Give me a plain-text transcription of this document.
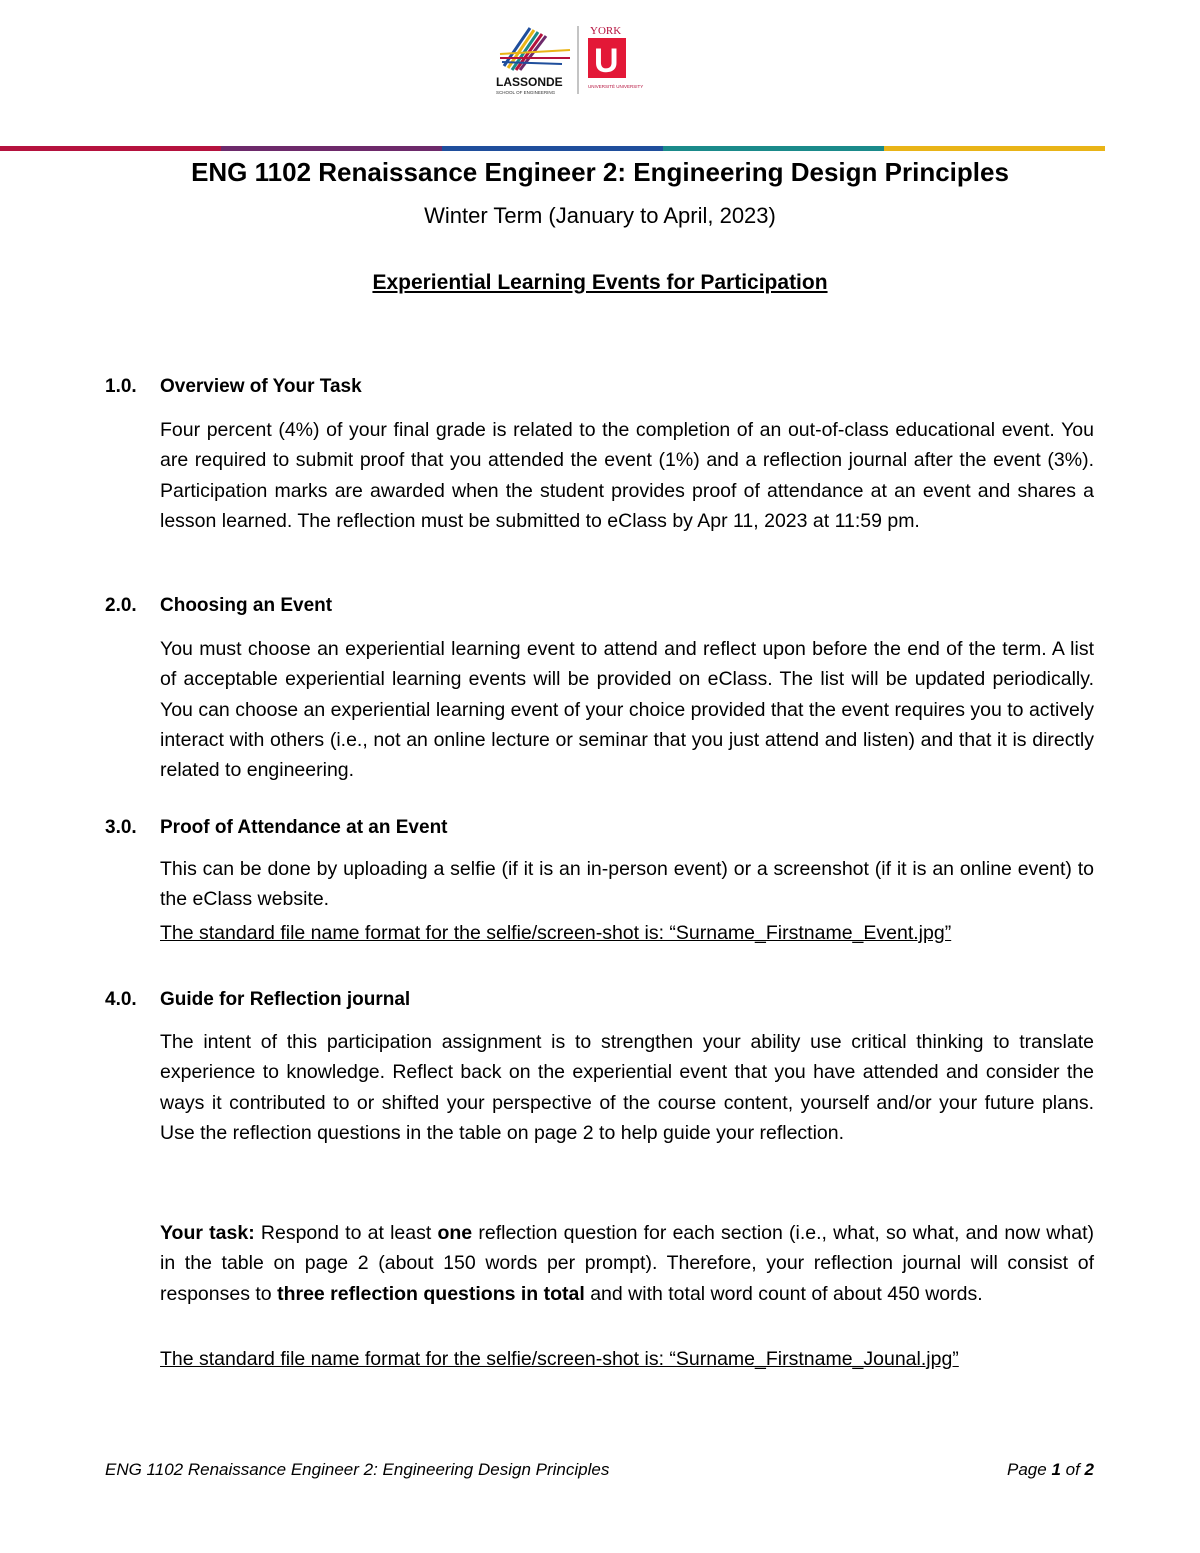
LASSONDE
SCHOOL OF ENGINEERING
YORK
U
UNIVERSITÉ UNIVERSITY
ENG 1102 Renaissance Engineer 2: Engineering Design Principles
Winter Term (January to April, 2023)
Experiential Learning Events for Participation
1.0. Overview of Your Task
Four percent (4%) of your final grade is related to the completion of an out-of-class educational event. You are required to submit proof that you attended the event (1%) and a reflection journal after the event (3%). Participation marks are awarded when the student provides proof of attendance at an event and shares a lesson learned. The reflection must be submitted to eClass by Apr 11, 2023 at 11:59 pm.
2.0. Choosing an Event
You must choose an experiential learning event to attend and reflect upon before the end of the term. A list of acceptable experiential learning events will be provided on eClass. The list will be updated periodically. You can choose an experiential learning event of your choice provided that the event requires you to actively interact with others (i.e., not an online lecture or seminar that you just attend and listen) and that it is directly related to engineering.
3.0. Proof of Attendance at an Event
This can be done by uploading a selfie (if it is an in-person event) or a screenshot (if it is an online event) to the eClass website.
The standard file name format for the selfie/screen-shot is: “Surname_Firstname_Event.jpg”
4.0. Guide for Reflection journal
The intent of this participation assignment is to strengthen your ability use critical thinking to translate experience to knowledge. Reflect back on the experiential event that you have attended and consider the ways it contributed to or shifted your perspective of the course content, yourself and/or your future plans. Use the reflection questions in the table on page 2 to help guide your reflection.
Your task: Respond to at least one reflection question for each section (i.e., what, so what, and now what) in the table on page 2 (about 150 words per prompt). Therefore, your reflection journal will consist of responses to three reflection questions in total and with total word count of about 450 words.
The standard file name format for the selfie/screen-shot is: “Surname_Firstname_Jounal.jpg”
ENG 1102 Renaissance Engineer 2: Engineering Design Principles	Page 1 of 2
